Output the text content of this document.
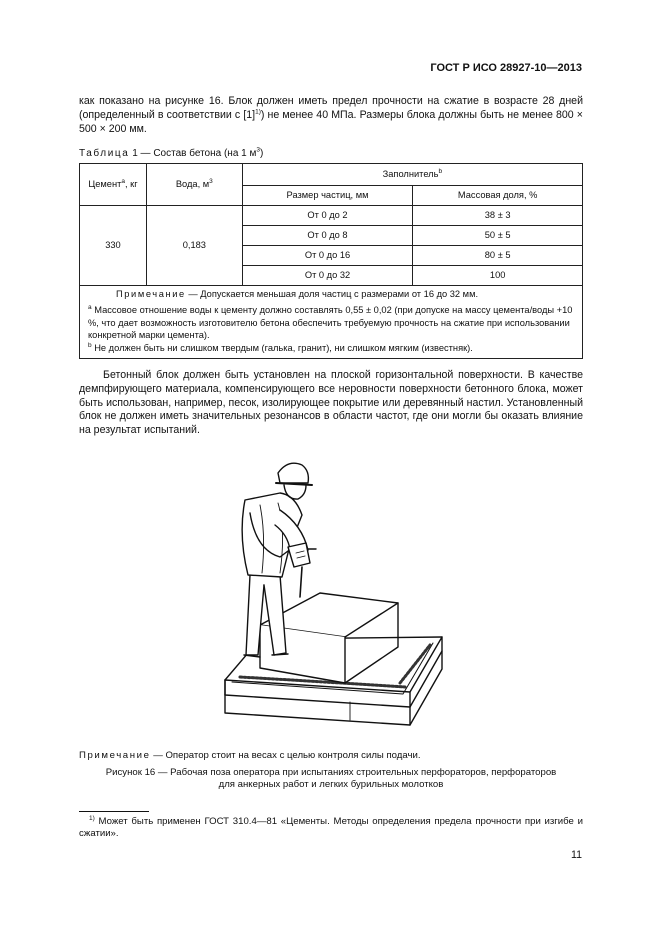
ГОСТ Р ИСО 28927-10—2013
как показано на рисунке 16. Блок должен иметь предел прочности на сжатие в возрасте 28 дней (определенный в соответствии с $[1]^{1)}$) не менее 40 МПа. Размеры блока должны быть не менее 800 × 500 × 200 мм.
Таблица 1 — Состав бетона (на 1 $м^3$)
Цемент$^a$, кг	Вода, $м^3$	Заполнитель$^b$
		Размер частиц, мм	Массовая доля, %
330	0,183	От 0 до 2	38 ± 3
		От 0 до 8	50 ± 5
		От 0 до 16	80 ± 5
		От 0 до 32	100

Примечание — Допускается меньшая доля частиц с размерами от 16 до 32 мм.

$^a$ Массовое отношение воды к цементу должно составлять 0,55 ± 0,02 (при допуске на массу цемента/воды +10 %, что дает возможность изготовителю бетона обеспечить требуемую прочность на сжатие при использовании конкретной марки цемента).

$^b$ Не должен быть ни слишком твердым (галька, гранит), ни слишком мягким (известняк).			

Бетонный блок должен быть установлен на плоской горизонтальной поверхности. В качестве демпфирующего материала, компенсирующего все неровности поверхности бетонного блока, может быть использован, например, песок, изолирующее покрытие или деревянный настил. Установленный блок не должен иметь значительных резонансов в области частот, где они могли бы оказать влияние на результат испытаний.
Примечание — Оператор стоит на весах с целью контроля силы подачи.
Рисунок 16 — Рабочая поза оператора при испытаниях строительных перфораторов, перфораторов
для анкерных работ и легких бурильных молотков
$^{1)}$ Может быть применен ГОСТ 310.4—81 «Цементы. Методы определения предела прочности при изгибе и сжатии».
11
